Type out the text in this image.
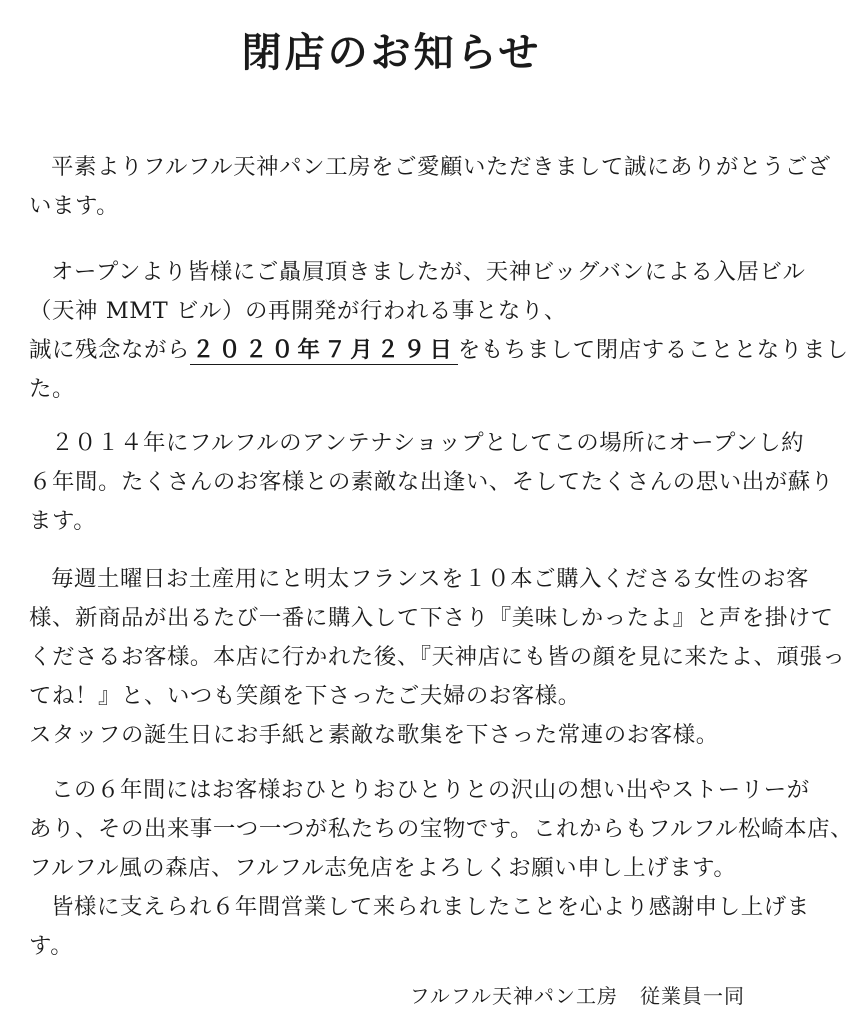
閉店のお知らせ
平素よりフルフル天神パン工房をご愛顧いただきまして誠にありがとうござ
います。
オープンより皆様にご贔屓頂きましたが、天神ビッグバンによる入居ビル
（天神 MMT ビル）の再開発が行われる事となり、
誠に残念ながら２０２０年７月２９日をもちまして閉店することとなりまし
た。
２０１４年にフルフルのアンテナショップとしてこの場所にオープンし約
６年間。たくさんのお客様との素敵な出逢い、そしてたくさんの思い出が蘇り
ます。
毎週土曜日お土産用にと明太フランスを１０本ご購入くださる女性のお客
様、新商品が出るたび一番に購入して下さり『美味しかったよ』と声を掛けて
くださるお客様。本店に行かれた後、『天神店にも皆の顔を見に来たよ、頑張っ
てね！』と、いつも笑顔を下さったご夫婦のお客様。
スタッフの誕生日にお手紙と素敵な歌集を下さった常連のお客様。
この６年間にはお客様おひとりおひとりとの沢山の想い出やストーリーが
あり、その出来事一つ一つが私たちの宝物です。これからもフルフル松崎本店、
フルフル風の森店、フルフル志免店をよろしくお願い申し上げます。
皆様に支えられ６年間営業して来られましたことを心より感謝申し上げま
す。

フルフル天神パン工房 従業員一同
